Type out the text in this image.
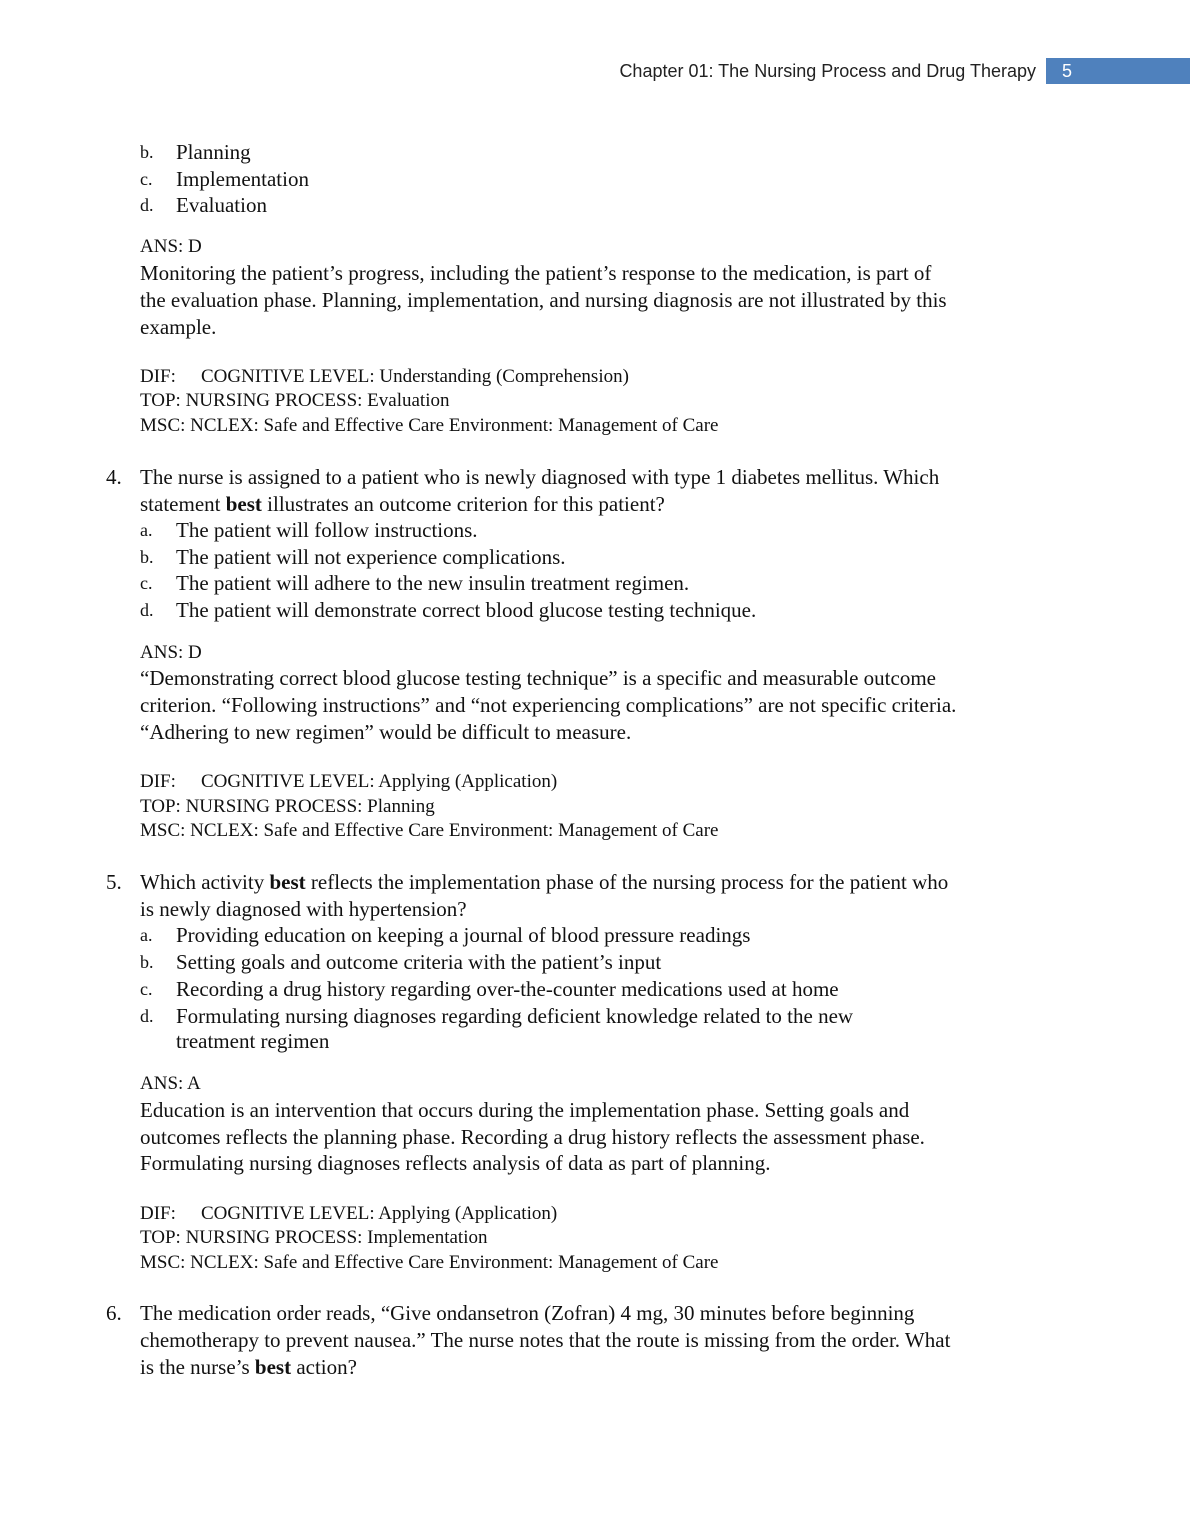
Chapter 01: The Nursing Process and Drug Therapy	5
b. Planning
c. Implementation
d. Evaluation
ANS: D
Monitoring the patient’s progress, including the patient’s response to the medication, is part of
the evaluation phase. Planning, implementation, and nursing diagnosis are not illustrated by this
example.
DIF: COGNITIVE LEVEL: Understanding (Comprehension)
TOP: NURSING PROCESS: Evaluation
MSC: NCLEX: Safe and Effective Care Environment: Management of Care
4. The nurse is assigned to a patient who is newly diagnosed with type 1 diabetes mellitus. Which
statement best illustrates an outcome criterion for this patient?
a. The patient will follow instructions.
b. The patient will not experience complications.
c. The patient will adhere to the new insulin treatment regimen.
d. The patient will demonstrate correct blood glucose testing technique.
ANS: D
“Demonstrating correct blood glucose testing technique” is a specific and measurable outcome
criterion. “Following instructions” and “not experiencing complications” are not specific criteria.
“Adhering to new regimen” would be difficult to measure.
DIF: COGNITIVE LEVEL: Applying (Application)
TOP: NURSING PROCESS: Planning
MSC: NCLEX: Safe and Effective Care Environment: Management of Care
5. Which activity best reflects the implementation phase of the nursing process for the patient who
is newly diagnosed with hypertension?
a. Providing education on keeping a journal of blood pressure readings
b. Setting goals and outcome criteria with the patient’s input
c. Recording a drug history regarding over-the-counter medications used at home
d. Formulating nursing diagnoses regarding deficient knowledge related to the new
treatment regimen
ANS: A
Education is an intervention that occurs during the implementation phase. Setting goals and
outcomes reflects the planning phase. Recording a drug history reflects the assessment phase.
Formulating nursing diagnoses reflects analysis of data as part of planning.
DIF: COGNITIVE LEVEL: Applying (Application)
TOP: NURSING PROCESS: Implementation
MSC: NCLEX: Safe and Effective Care Environment: Management of Care
6. The medication order reads, “Give ondansetron (Zofran) 4 mg, 30 minutes before beginning
chemotherapy to prevent nausea.” The nurse notes that the route is missing from the order. What
is the nurse’s best action?
